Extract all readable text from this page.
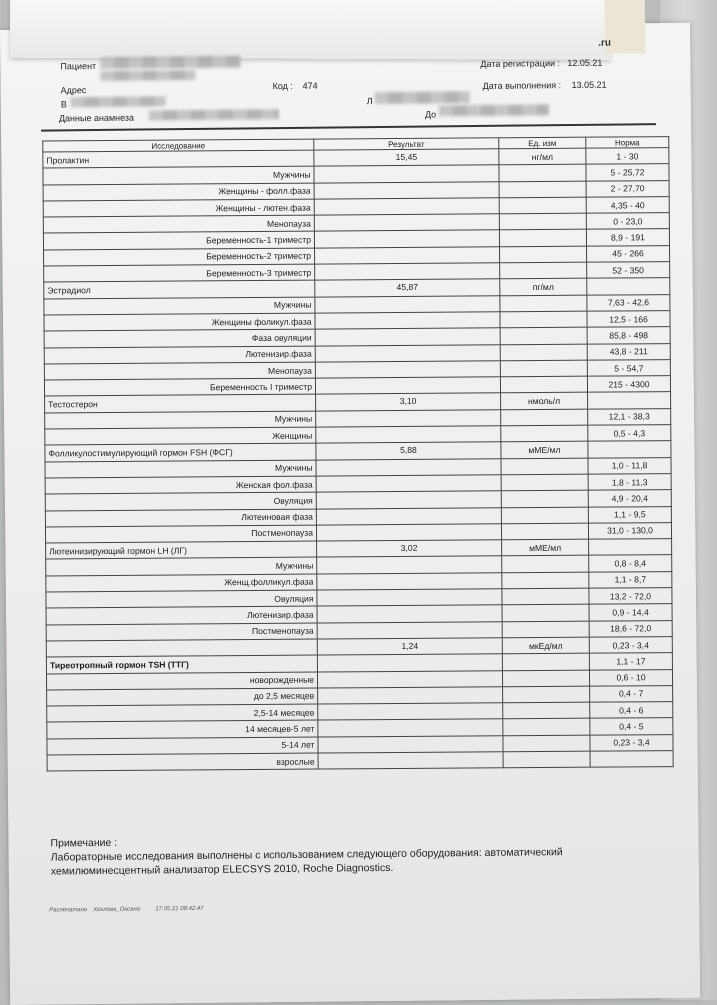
.ru
Пациент	Дата регистрации : 12.05.21
Адрес	Код : 474	Дата выполнения : 13.05.21
В	Л
Данные анамнеза	До
Исследование	Результат	Ед. изм	Норма
Пролактин	15,45	нг/мл	1 - 30
Мужчины			5 - 25,72
Женщины - фолл.фаза			2 - 27,70
Женщины - лютен.фаза			4,35 - 40
Менопауза			0 - 23,0
Беременность-1 триместр			8,9 - 191
Беременность-2 триместр			45 - 266
Беременность-3 триместр			52 - 350
Эстрадиол	45,87	пг/мл	
Мужчины			7,63 - 42,6
Женщины фоликул.фаза			12,5 - 166
Фаза овуляции			85,8 - 498
Лютенизир.фаза			43,8 - 211
Менопауза			5 - 54,7
Беременность I триместр			215 - 4300
Тестостерон	3,10	нмоль/л	
Мужчины			12,1 - 38,3
Женщины			0,5 - 4,3
Фолликулостимулирующий гормон FSH (ФСГ)	5,88	мМЕ/мл	
Мужчины			1,0 - 11,8
Женская фол.фаза			1,8 - 11,3
Овуляция			4,9 - 20,4
Лютеиновая фаза			1,1 - 9,5
Постменопауза			31,0 - 130,0
Лютеинизирующий гормон LH (ЛГ)	3,02	мМЕ/мл	
Мужчины			0,8 - 8,4
Женщ.фолликул.фаза			1,1 - 8,7
Овуляция			13,2 - 72,0
Лютенизир.фаза			0,9 - 14,4
Постменопауза			18,6 - 72,0
	1,24	мкЕд/мл	0,23 - 3,4
Тиреотропный гормон TSH (ТТГ)			1,1 - 17
новорожденные			0,6 - 10
до 2,5 месяцев			0,4 - 7
2,5-14 месяцев			0,4 - 6
14 месяцев-5 лет			0,4 - 5
5-14 лет			0,23 - 3,4
взрослые			
Примечание :
Лабораторные исследования выполнены с использованием следующего оборудования: автоматический
хемилюминесцентный анализатор ELECSYS 2010, Roche Diagnostics.
Распечатано Хохлова_Оксана	17.05.21 08:42:47
